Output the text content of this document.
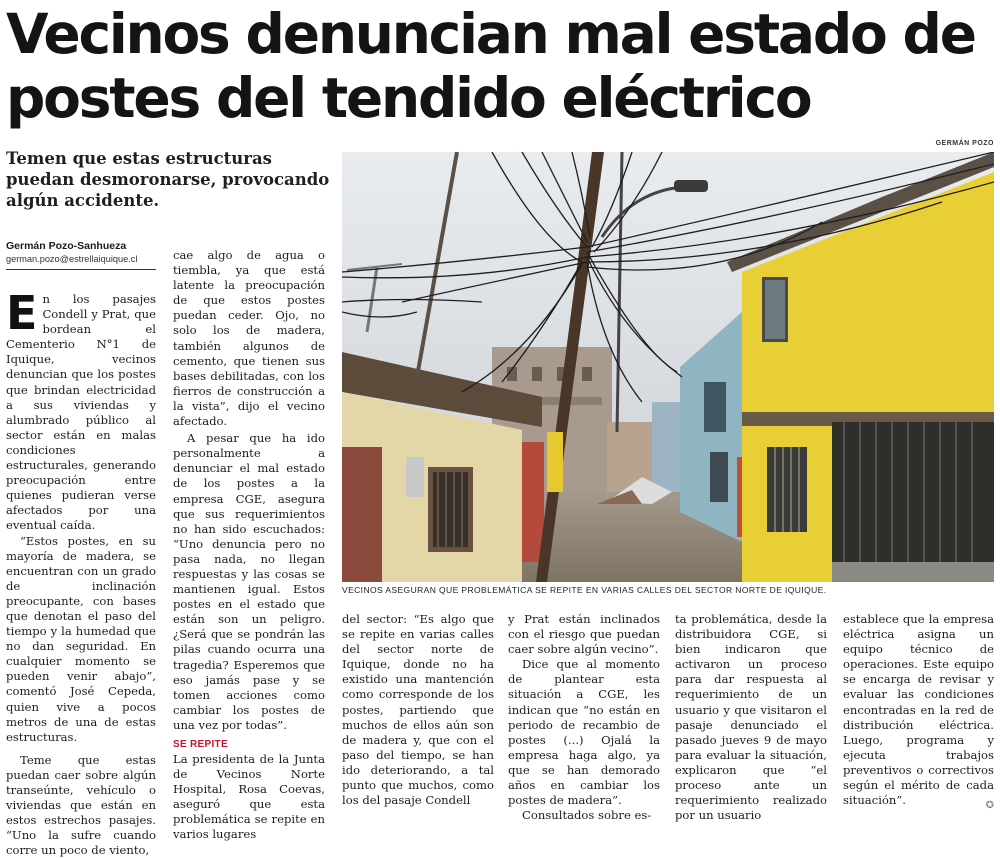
Vecinos denuncian mal estado de
postes del tendido eléctrico
GERMÁN POZO
Temen que estas estructuras
puedan desmoronarse, provocando
algún accidente.
Germán Pozo-Sanhueza
german.pozo@estrellaiquique.cl

En los pasajes Condell y Prat, que bordean el Cementerio N°1 de Iquique, vecinos denuncian que los postes que brindan electricidad a sus viviendas y alumbrado público al sector están en malas condiciones estructurales, generando preocupación entre quienes pudieran verse afectados por una eventual caída.

“Estos postes, en su mayoría de madera, se encuentran con un grado de inclinación preocupante, con bases que denotan el paso del tiempo y la humedad que no dan seguridad. En cualquier momento se pueden venir abajo”, comentó José Cepeda, quien vive a pocos metros de una de estas estructuras.

Teme que estas puedan caer sobre algún transeúnte, vehículo o viviendas que están en estos estrechos pasajes. “Uno la sufre cuando corre un poco de viento,

cae algo de agua o tiembla, ya que está latente la preocupación de que estos postes puedan ceder. Ojo, no solo los de madera, también algunos de cemento, que tienen sus bases debilitadas, con los fierros de construcción a la vista”, dijo el vecino afectado.

A pesar que ha ido personalmente a denunciar el mal estado de los postes a la empresa CGE, asegura que sus requerimientos no han sido escuchados: “Uno denuncia pero no pasa nada, no llegan respuestas y las cosas se mantienen igual. Estos postes en el estado que están son un peligro. ¿Será que se pondrán las pilas cuando ocurra una tragedia? Esperemos que eso jamás pase y se tomen acciones como cambiar los postes de una vez por todas”.

SE REPITE

La presidenta de la Junta de Vecinos Norte Hospital, Rosa Coevas, aseguró que esta problemática se repite en varios lugares

VECINOS ASEGURAN QUE PROBLEMÁTICA SE REPITE EN VARIAS CALLES DEL SECTOR NORTE DE IQUIQUE.

del sector: “Es algo que se repite en varias calles del sector norte de Iquique, donde no ha existido una mantención como corresponde de los postes, partiendo que muchos de ellos aún son de madera y, que con el paso del tiempo, se han ido deteriorando, a tal punto que muchos, como los del pasaje Condell

y Prat están inclinados con el riesgo que puedan caer sobre algún vecino”.

Dice que al momento de plantear esta situación a CGE, les indican que “no están en periodo de recambio de postes (...) Ojalá la empresa haga algo, ya que se han demorado años en cambiar los postes de madera”.

Consultados sobre es-

ta problemática, desde la distribuidora CGE, si bien indicaron que activaron un proceso para dar respuesta al requerimiento de un usuario y que visitaron el pasaje denunciado el pasado jueves 9 de mayo para evaluar la situación, explicaron que “el proceso ante un requerimiento realizado por un usuario

establece que la empresa eléctrica asigna un equipo técnico de operaciones. Este equipo se encarga de revisar y evaluar las condiciones encontradas en la red de distribución eléctrica. Luego, programa y ejecuta trabajos preventivos o correctivos según el mérito de cada situación”.	✪
